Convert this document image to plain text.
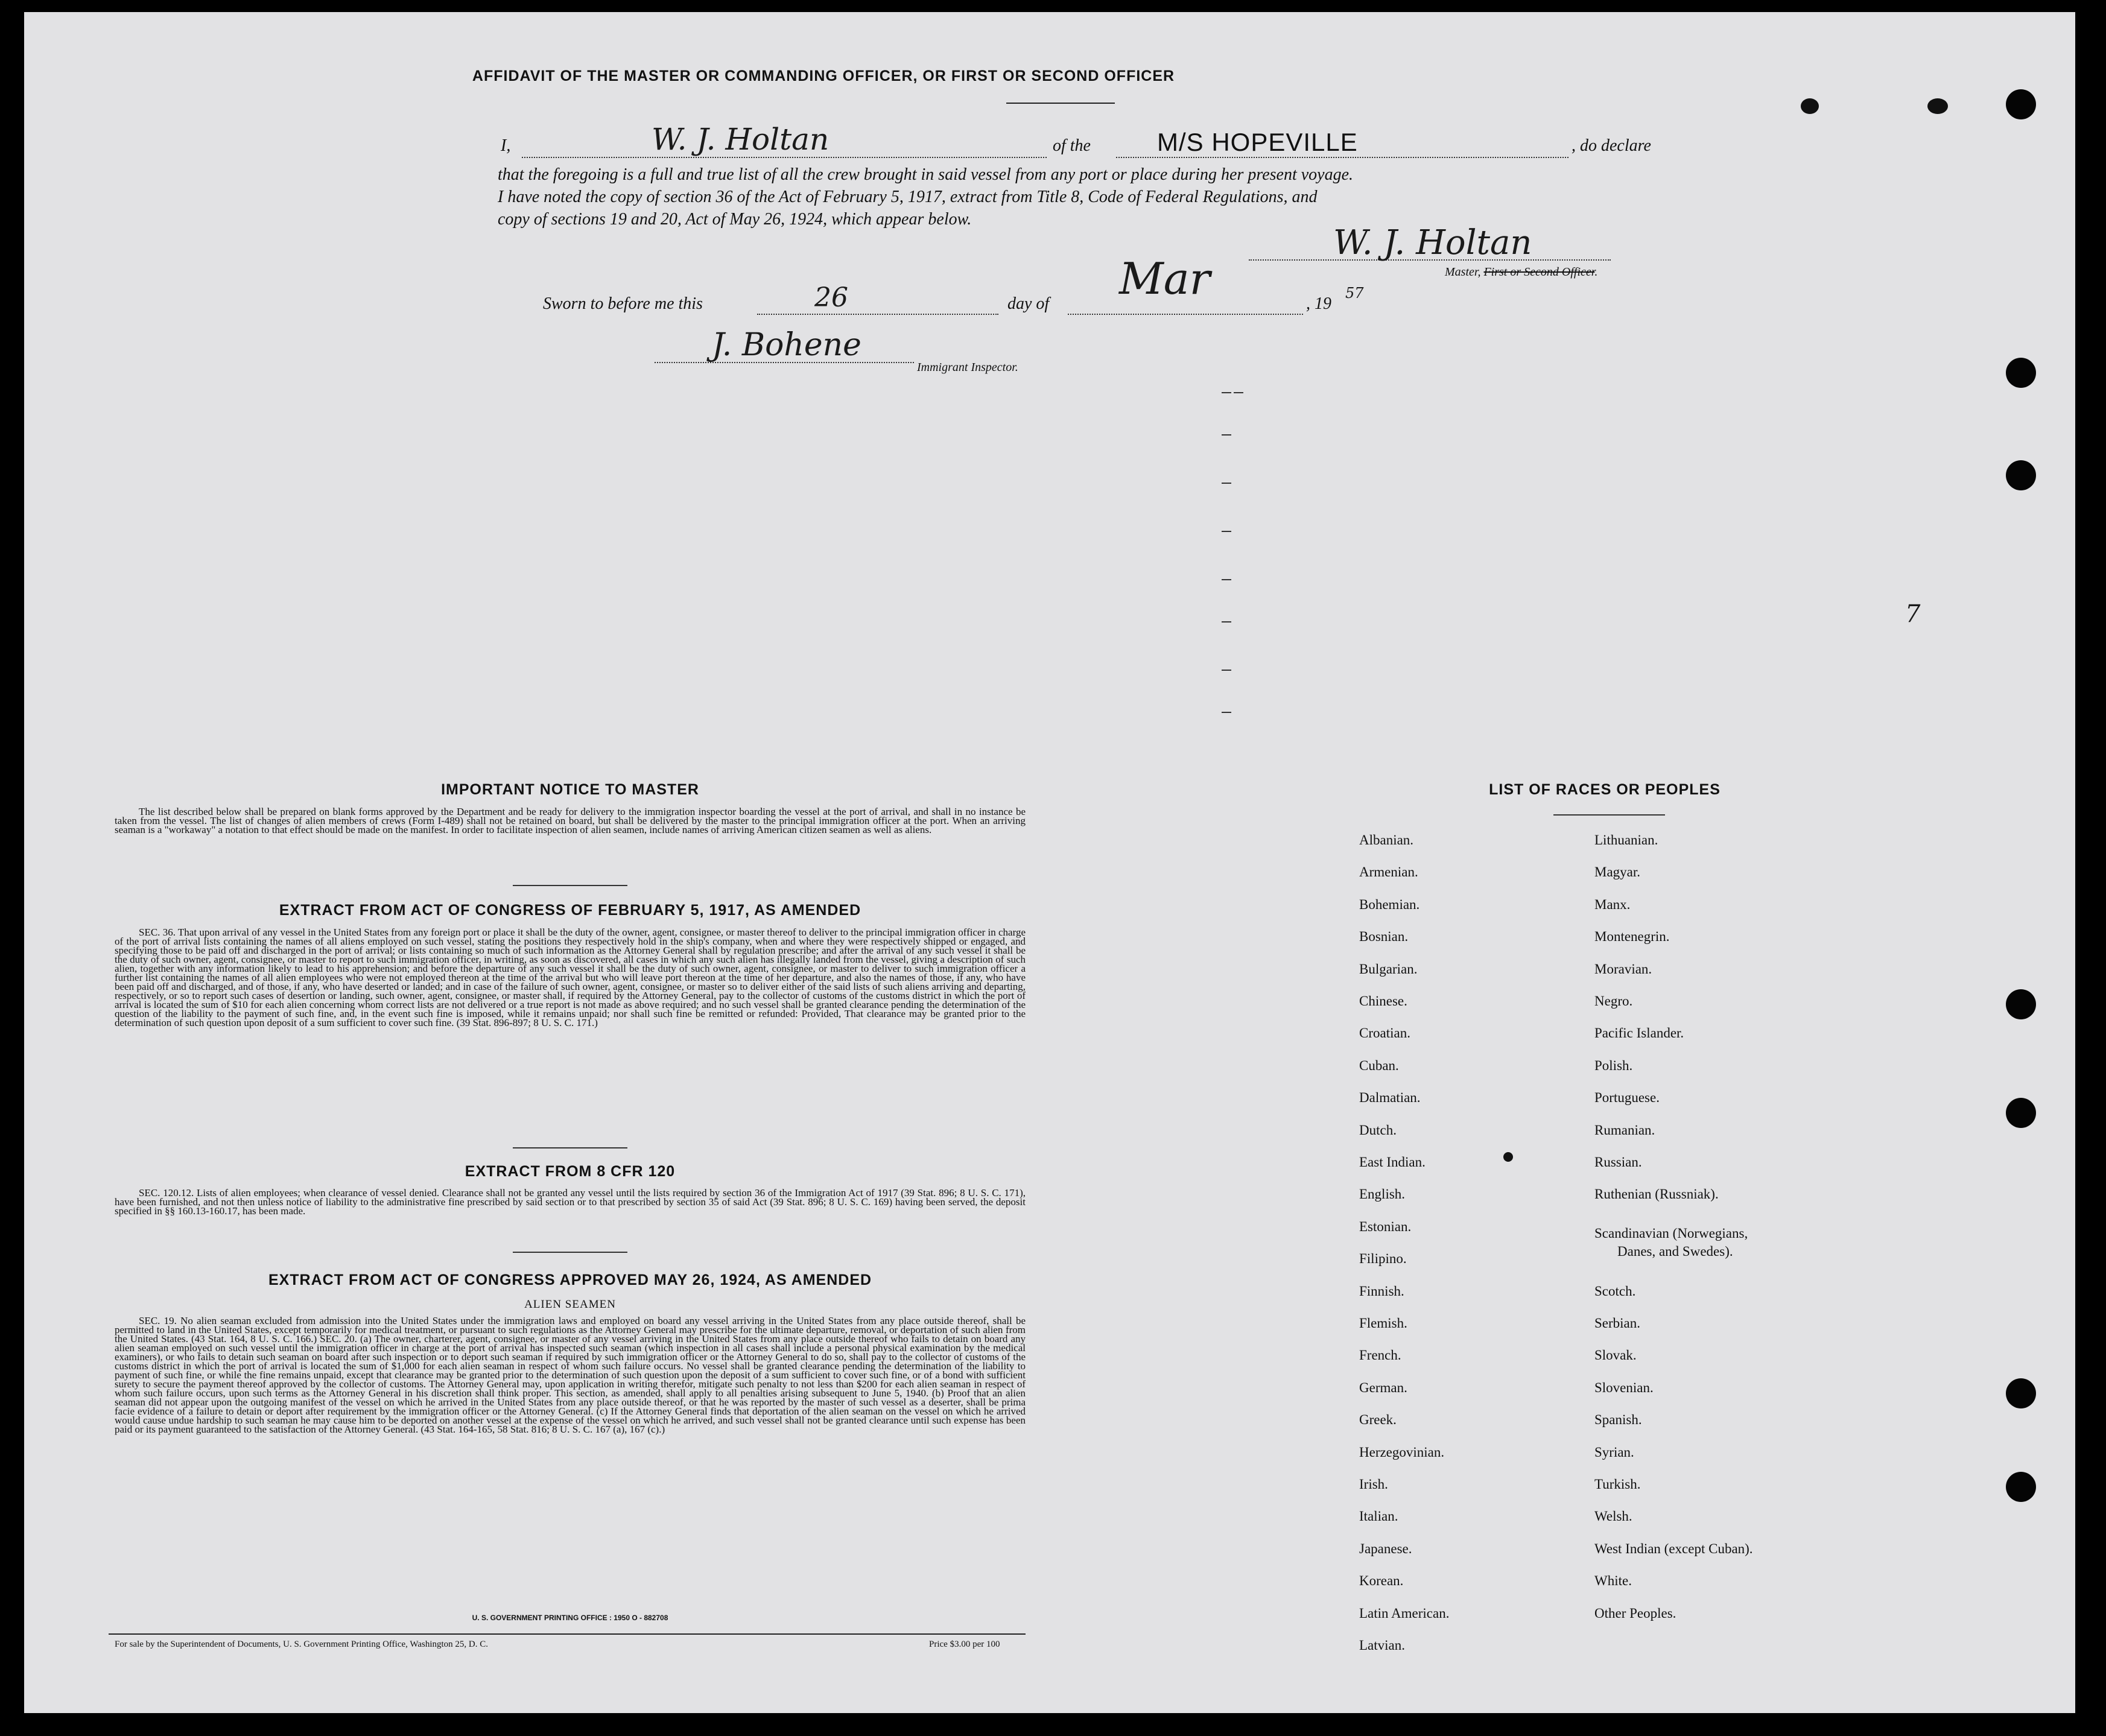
AFFIDAVIT OF THE MASTER OR COMMANDING OFFICER, OR FIRST OR SECOND OFFICER
I,	W. J. Holtan	of the	M/S HOPEVILLE	, do declare
that the foregoing is a full and true list of all the crew brought in said vessel from any port or place during her present voyage.
I have noted the copy of section 36 of the Act of February 5, 1917, extract from Title 8, Code of Federal Regulations, and
copy of sections 19 and 20, Act of May 26, 1924, which appear below.
W. J. Holtan
Master, First or Second Officer.
Sworn to before me this	26	day of Mar	, 19
57
J. Bohene
Immigrant Inspector.
IMPORTANT NOTICE TO MASTER
The list described below shall be prepared on blank forms approved by the Department and be ready for delivery to the immigration inspector boarding the vessel at the port of arrival, and shall in no instance be taken from the vessel. The list of changes of alien members of crews (Form I-489) shall not be retained on board, but shall be delivered by the master to the principal immigration officer at the port. When an arriving seaman is a "workaway" a notation to that effect should be made on the manifest. In order to facilitate inspection of alien seamen, include names of arriving American citizen seamen as well as aliens.
EXTRACT FROM ACT OF CONGRESS OF FEBRUARY 5, 1917, AS AMENDED
SEC. 36. That upon arrival of any vessel in the United States from any foreign port or place it shall be the duty of the owner, agent, consignee, or master thereof to deliver to the principal immigration officer in charge of the port of arrival lists containing the names of all aliens employed on such vessel, stating the positions they respectively hold in the ship's company, when and where they were respectively shipped or engaged, and specifying those to be paid off and discharged in the port of arrival; or lists containing so much of such information as the Attorney General shall by regulation prescribe; and after the arrival of any such vessel it shall be the duty of such owner, agent, consignee, or master to report to such immigration officer, in writing, as soon as discovered, all cases in which any such alien has illegally landed from the vessel, giving a description of such alien, together with any information likely to lead to his apprehension; and before the departure of any such vessel it shall be the duty of such owner, agent, consignee, or master to deliver to such immigration officer a further list containing the names of all alien employees who were not employed thereon at the time of the arrival but who will leave port thereon at the time of her departure, and also the names of those, if any, who have been paid off and discharged, and of those, if any, who have deserted or landed; and in case of the failure of such owner, agent, consignee, or master so to deliver either of the said lists of such aliens arriving and departing, respectively, or so to report such cases of desertion or landing, such owner, agent, consignee, or master shall, if required by the Attorney General, pay to the collector of customs of the customs district in which the port of arrival is located the sum of $10 for each alien concerning whom correct lists are not delivered or a true report is not made as above required; and no such vessel shall be granted clearance pending the determination of the question of the liability to the payment of such fine, and, in the event such fine is imposed, while it remains unpaid; nor shall such fine be remitted or refunded: Provided, That clearance may be granted prior to the determination of such question upon deposit of a sum sufficient to cover such fine. (39 Stat. 896-897; 8 U. S. C. 171.)
EXTRACT FROM 8 CFR 120
SEC. 120.12. Lists of alien employees; when clearance of vessel denied. Clearance shall not be granted any vessel until the lists required by section 36 of the Immigration Act of 1917 (39 Stat. 896; 8 U. S. C. 171), have been furnished, and not then unless notice of liability to the administrative fine prescribed by said section or to that prescribed by section 35 of said Act (39 Stat. 896; 8 U. S. C. 169) having been served, the deposit specified in §§ 160.13-160.17, has been made.
EXTRACT FROM ACT OF CONGRESS APPROVED MAY 26, 1924, AS AMENDED
ALIEN SEAMEN
SEC. 19. No alien seaman excluded from admission into the United States under the immigration laws and employed on board any vessel arriving in the United States from any place outside thereof, shall be permitted to land in the United States, except temporarily for medical treatment, or pursuant to such regulations as the Attorney General may prescribe for the ultimate departure, removal, or deportation of such alien from the United States. (43 Stat. 164, 8 U. S. C. 166.) SEC. 20. (a) The owner, charterer, agent, consignee, or master of any vessel arriving in the United States from any place outside thereof who fails to detain on board any alien seaman employed on such vessel until the immigration officer in charge at the port of arrival has inspected such seaman (which inspection in all cases shall include a personal physical examination by the medical examiners), or who fails to detain such seaman on board after such inspection or to deport such seaman if required by such immigration officer or the Attorney General to do so, shall pay to the collector of customs of the customs district in which the port of arrival is located the sum of $1,000 for each alien seaman in respect of whom such failure occurs. No vessel shall be granted clearance pending the determination of the liability to payment of such fine, or while the fine remains unpaid, except that clearance may be granted prior to the determination of such question upon the deposit of a sum sufficient to cover such fine, or of a bond with sufficient surety to secure the payment thereof approved by the collector of customs. The Attorney General may, upon application in writing therefor, mitigate such penalty to not less than $200 for each alien seaman in respect of whom such failure occurs, upon such terms as the Attorney General in his discretion shall think proper. This section, as amended, shall apply to all penalties arising subsequent to June 5, 1940. (b) Proof that an alien seaman did not appear upon the outgoing manifest of the vessel on which he arrived in the United States from any place outside thereof, or that he was reported by the master of such vessel as a deserter, shall be prima facie evidence of a failure to detain or deport after requirement by the immigration officer or the Attorney General. (c) If the Attorney General finds that deportation of the alien seaman on the vessel on which he arrived would cause undue hardship to such seaman he may cause him to be deported on another vessel at the expense of the vessel on which he arrived, and such vessel shall not be granted clearance until such expense has been paid or its payment guaranteed to the satisfaction of the Attorney General. (43 Stat. 164-165, 58 Stat. 816; 8 U. S. C. 167 (a), 167 (c).)
U. S. GOVERNMENT PRINTING OFFICE : 1950 O - 882708
For sale by the Superintendent of Documents, U. S. Government Printing Office, Washington 25, D. C.	Price $3.00 per 100
LIST OF RACES OR PEOPLES
Albanian.
Armenian.
Bohemian.
Bosnian.
Bulgarian.
Chinese.
Croatian.
Cuban.
Dalmatian.
Dutch.
East Indian.
English.
Estonian.
Filipino.
Finnish.
Flemish.
French.
German.
Greek.
Herzegovinian.
Irish.
Italian.
Japanese.
Korean.
Latin American.
Latvian.
Lithuanian.
Magyar.
Manx.
Montenegrin.
Moravian.
Negro.
Pacific Islander.
Polish.
Portuguese.
Rumanian.
Russian.
Ruthenian (Russniak).
Scandinavian (Norwegians,
Danes, and Swedes).
Scotch.
Serbian.
Slovak.
Slovenian.
Spanish.
Syrian.
Turkish.
Welsh.
West Indian (except Cuban).
White.
Other Peoples.
7
